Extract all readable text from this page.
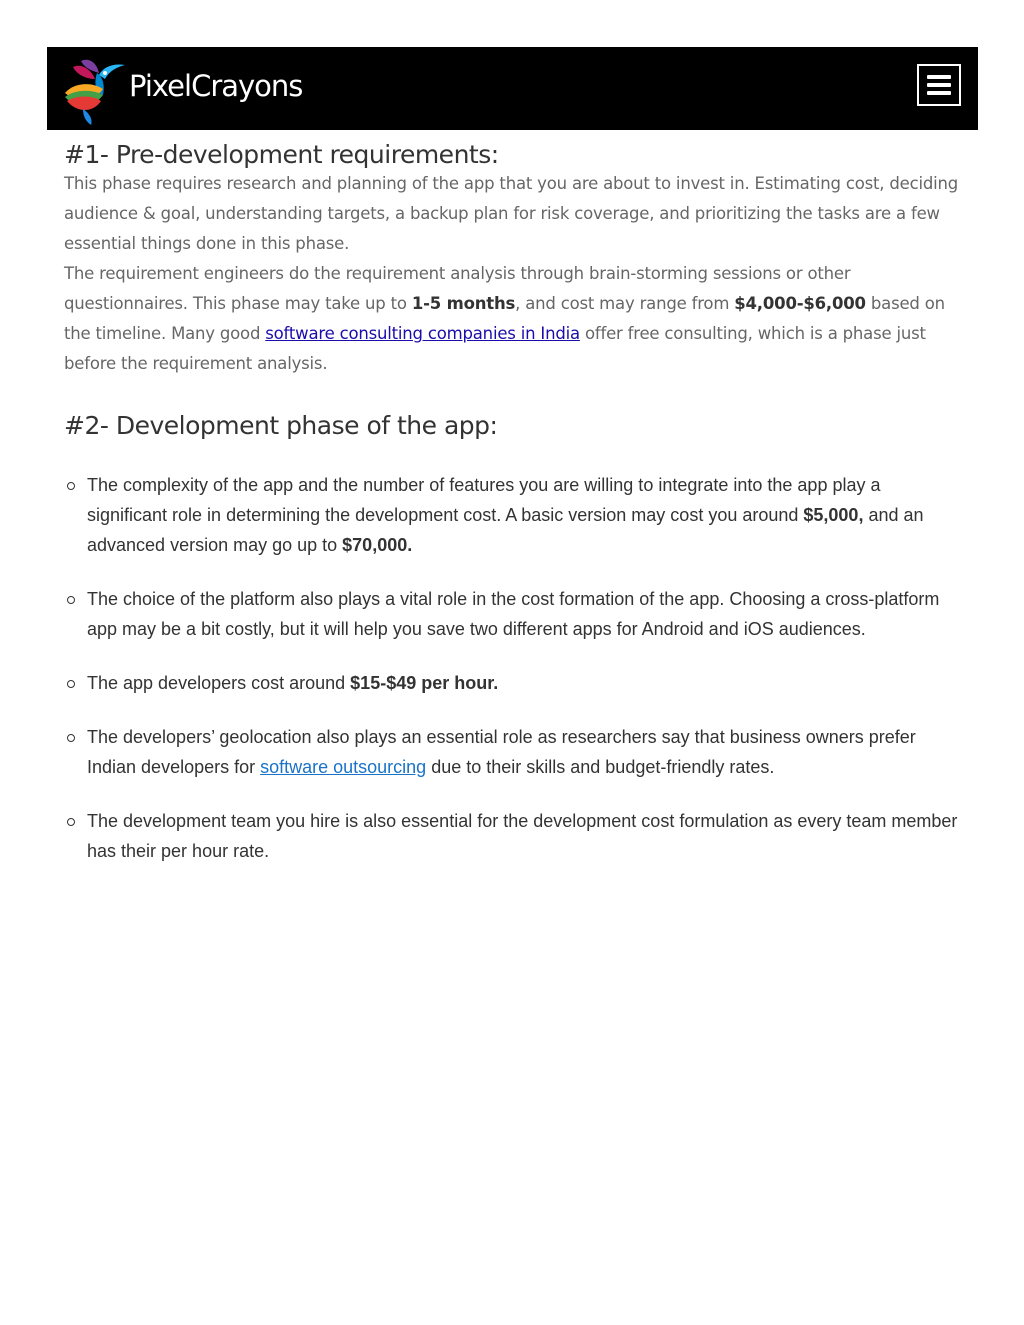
PixelCrayons
#1- Pre-development requirements:

This phase requires research and planning of the app that you are about to invest in. Estimating cost, deciding audience & goal, understanding targets, a backup plan for risk coverage, and prioritizing the tasks are a few essential things done in this phase.

The requirement engineers do the requirement analysis through brain-storming sessions or other questionnaires. This phase may take up to 1-5 months, and cost may range from $4,000-$6,000 based on the timeline. Many good software consulting companies in India offer free consulting, which is a phase just before the requirement analysis.

#2- Development phase of the app:
The complexity of the app and the number of features you are willing to integrate into the app play a significant role in determining the development cost. A basic version may cost you around $5,000, and an advanced version may go up to $70,000.
The choice of the platform also plays a vital role in the cost formation of the app. Choosing a cross-platform app may be a bit costly, but it will help you save two different apps for Android and iOS audiences.
The app developers cost around $15-$49 per hour.
The developers’ geolocation also plays an essential role as researchers say that business owners prefer Indian developers for software outsourcing due to their skills and budget-friendly rates.
The development team you hire is also essential for the development cost formulation as every team member has their per hour rate.
